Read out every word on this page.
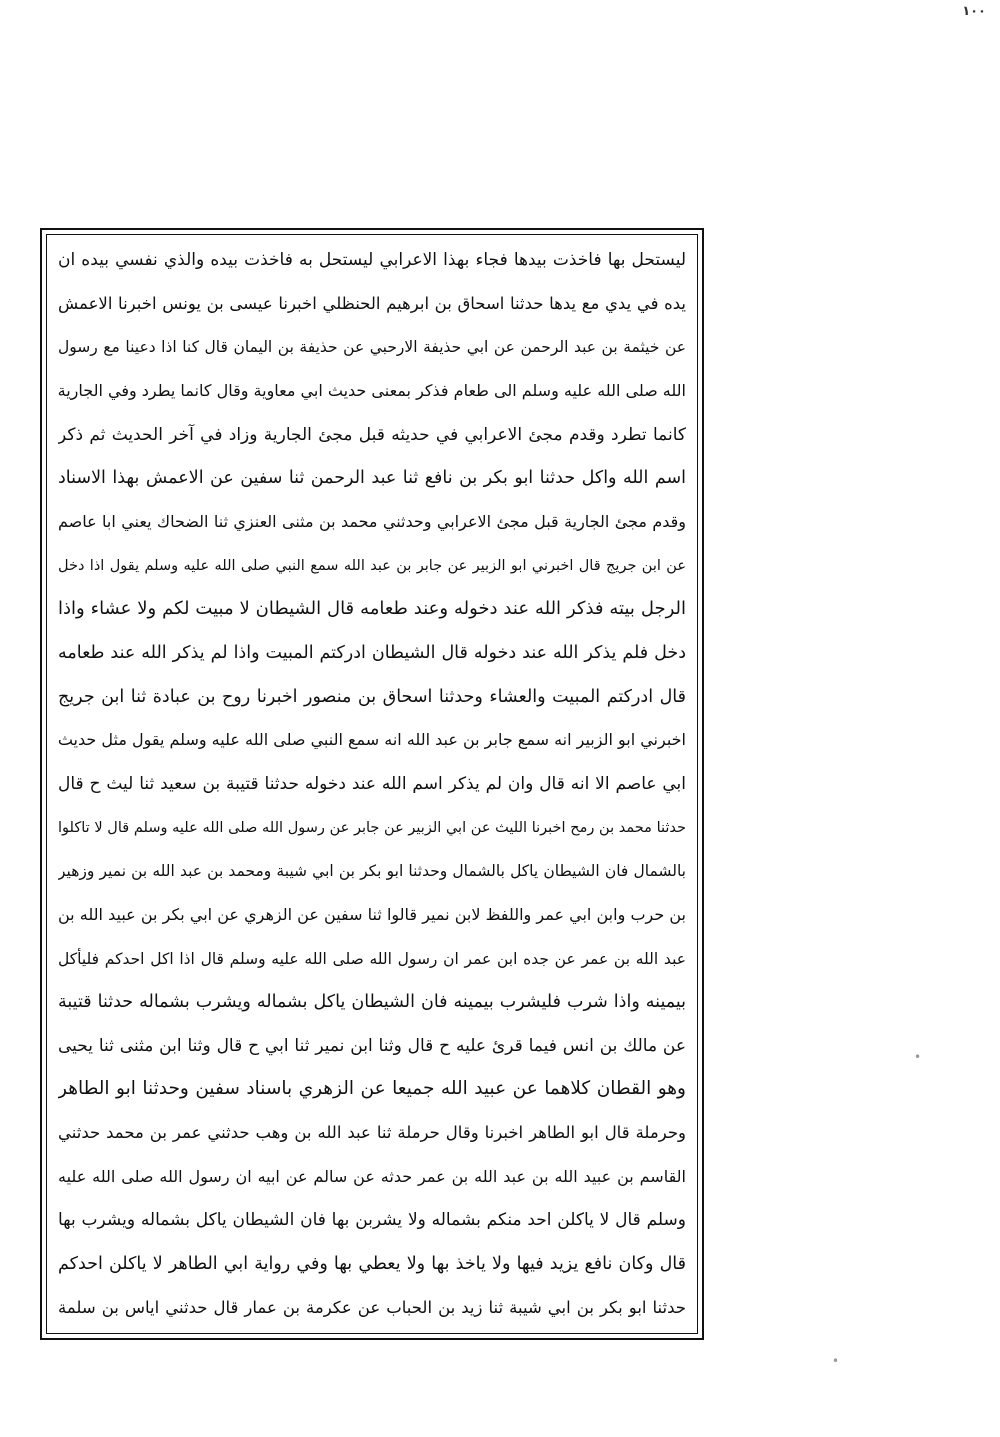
١٠٠
ليستحل بها فاخذت بيدها فجاء بهذا الاعرابي ليستحل به فاخذت بيده والذي نفسي بيده ان
يده في يدي مع يدها حدثنا اسحاق بن ابرهيم الحنظلي اخبرنا عيسى بن يونس اخبرنا الاعمش
عن خيثمة بن عبد الرحمن عن ابي حذيفة الارحبي عن حذيفة بن اليمان قال كنا اذا دعينا مع رسول
الله صلى الله عليه وسلم الى طعام فذكر بمعنى حديث ابي معاوية وقال كانما يطرد وفي الجارية
كانما تطرد وقدم مجئ الاعرابي في حديثه قبل مجئ الجارية وزاد في آخر الحديث ثم ذكر
اسم الله واكل حدثنا ابو بكر بن نافع ثنا عبد الرحمن ثنا سفين عن الاعمش بهذا الاسناد
وقدم مجئ الجارية قبل مجئ الاعرابي وحدثني محمد بن مثنى العنزي ثنا الضحاك يعني ابا عاصم
عن ابن جريج قال اخبرني ابو الزبير عن جابر بن عبد الله سمع النبي صلى الله عليه وسلم يقول اذا دخل
الرجل بيته فذكر الله عند دخوله وعند طعامه قال الشيطان لا مبيت لكم ولا عشاء واذا
دخل فلم يذكر الله عند دخوله قال الشيطان ادركتم المبيت واذا لم يذكر الله عند طعامه
قال ادركتم المبيت والعشاء وحدثنا اسحاق بن منصور اخبرنا روح بن عبادة ثنا ابن جريج
اخبرني ابو الزبير انه سمع جابر بن عبد الله انه سمع النبي صلى الله عليه وسلم يقول مثل حديث
ابي عاصم الا انه قال وان لم يذكر اسم الله عند دخوله حدثنا قتيبة بن سعيد ثنا ليث ح قال
حدثنا محمد بن رمح اخبرنا الليث عن ابي الزبير عن جابر عن رسول الله صلى الله عليه وسلم قال لا تاكلوا
بالشمال فان الشيطان ياكل بالشمال وحدثنا ابو بكر بن ابي شيبة ومحمد بن عبد الله بن نمير وزهير
بن حرب وابن ابي عمر واللفظ لابن نمير قالوا ثنا سفين عن الزهري عن ابي بكر بن عبيد الله بن
عبد الله بن عمر عن جده ابن عمر ان رسول الله صلى الله عليه وسلم قال اذا اكل احدكم فليأكل
بيمينه واذا شرب فليشرب بيمينه فان الشيطان ياكل بشماله ويشرب بشماله حدثنا قتيبة
عن مالك بن انس فيما قرئ عليه ح قال وثنا ابن نمير ثنا ابي ح قال وثنا ابن مثنى ثنا يحيى
وهو القطان كلاهما عن عبيد الله جميعا عن الزهري باسناد سفين وحدثنا ابو الطاهر
وحرملة قال ابو الطاهر اخبرنا وقال حرملة ثنا عبد الله بن وهب حدثني عمر بن محمد حدثني
القاسم بن عبيد الله بن عبد الله بن عمر حدثه عن سالم عن ابيه ان رسول الله صلى الله عليه
وسلم قال لا ياكلن احد منكم بشماله ولا يشربن بها فان الشيطان ياكل بشماله ويشرب بها
قال وكان نافع يزيد فيها ولا ياخذ بها ولا يعطي بها وفي رواية ابي الطاهر لا ياكلن احدكم
حدثنا ابو بكر بن ابي شيبة ثنا زيد بن الحباب عن عكرمة بن عمار قال حدثني اياس بن سلمة
•
•
